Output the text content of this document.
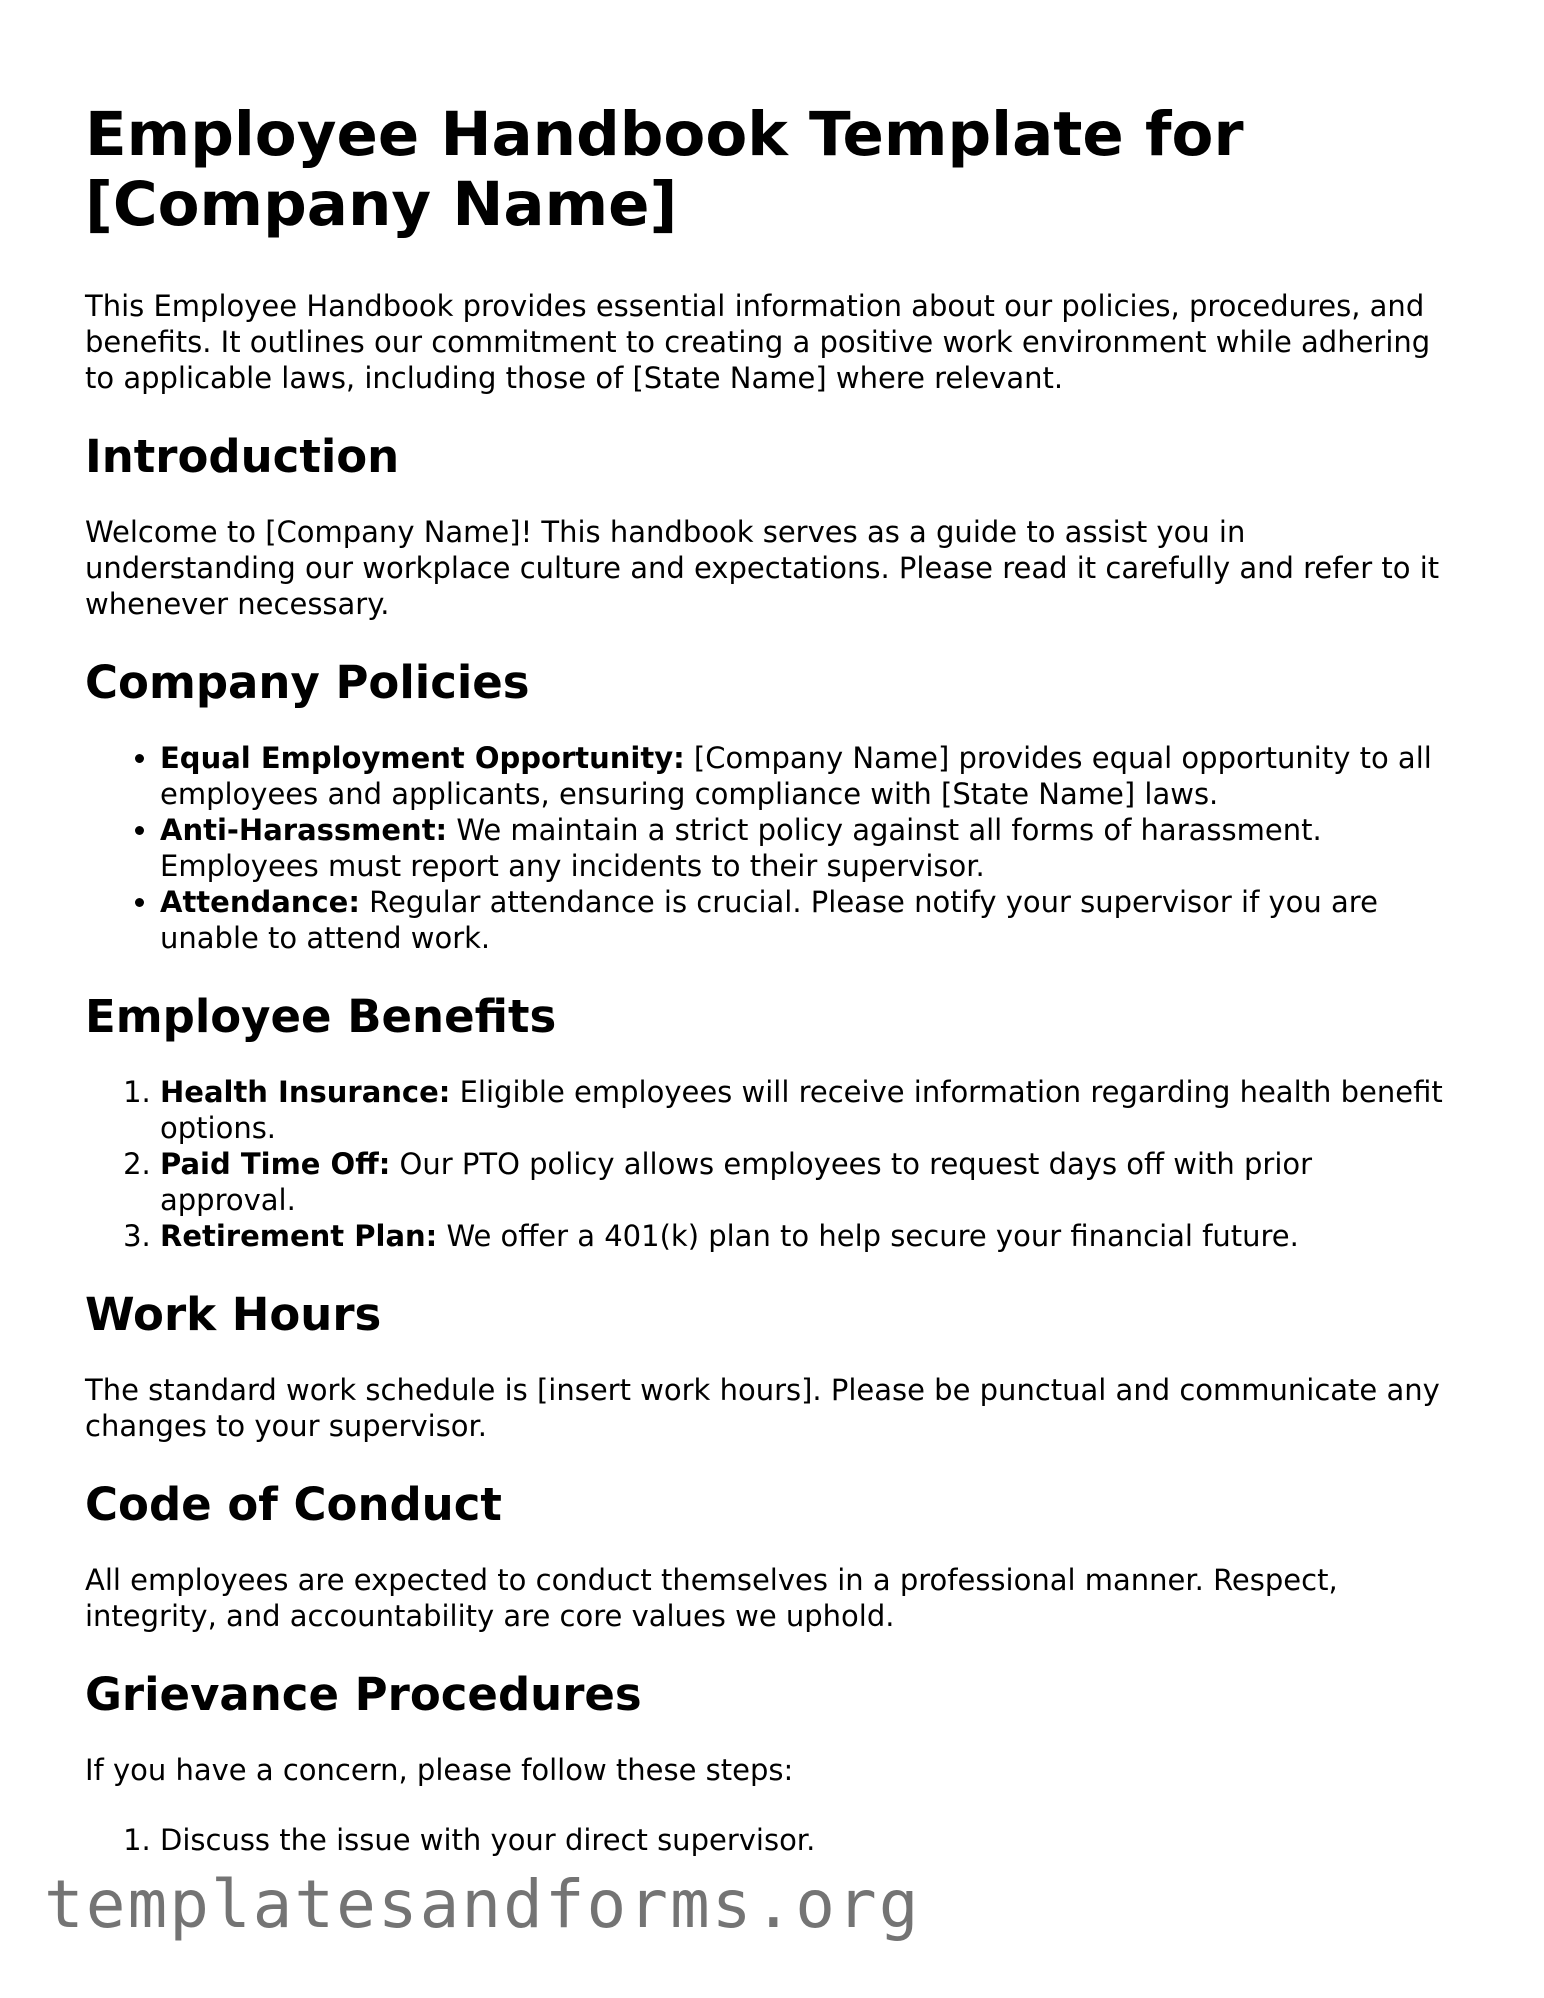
Employee Handbook Template for [Company Name]

This Employee Handbook provides essential information about our policies, procedures, and benefits. It outlines our commitment to creating a positive work environment while adhering to applicable laws, including those of [State Name] where relevant.

Introduction

Welcome to [Company Name]! This handbook serves as a guide to assist you in understanding our workplace culture and expectations. Please read it carefully and refer to it whenever necessary.

Company Policies
• Equal Employment Opportunity: [Company Name] provides equal opportunity to all employees and applicants, ensuring compliance with [State Name] laws.
• Anti-Harassment: We maintain a strict policy against all forms of harassment. Employees must report any incidents to their supervisor.
• Attendance: Regular attendance is crucial. Please notify your supervisor if you are unable to attend work.
Employee Benefits
1. Health Insurance: Eligible employees will receive information regarding health benefit options.
2. Paid Time Off: Our PTO policy allows employees to request days off with prior approval.
3. Retirement Plan: We offer a 401(k) plan to help secure your financial future.
Work Hours

The standard work schedule is [insert work hours]. Please be punctual and communicate any changes to your supervisor.

Code of Conduct

All employees are expected to conduct themselves in a professional manner. Respect, integrity, and accountability are core values we uphold.

Grievance Procedures

If you have a concern, please follow these steps:

1. Discuss the issue with your direct supervisor.
templatesandforms.org
